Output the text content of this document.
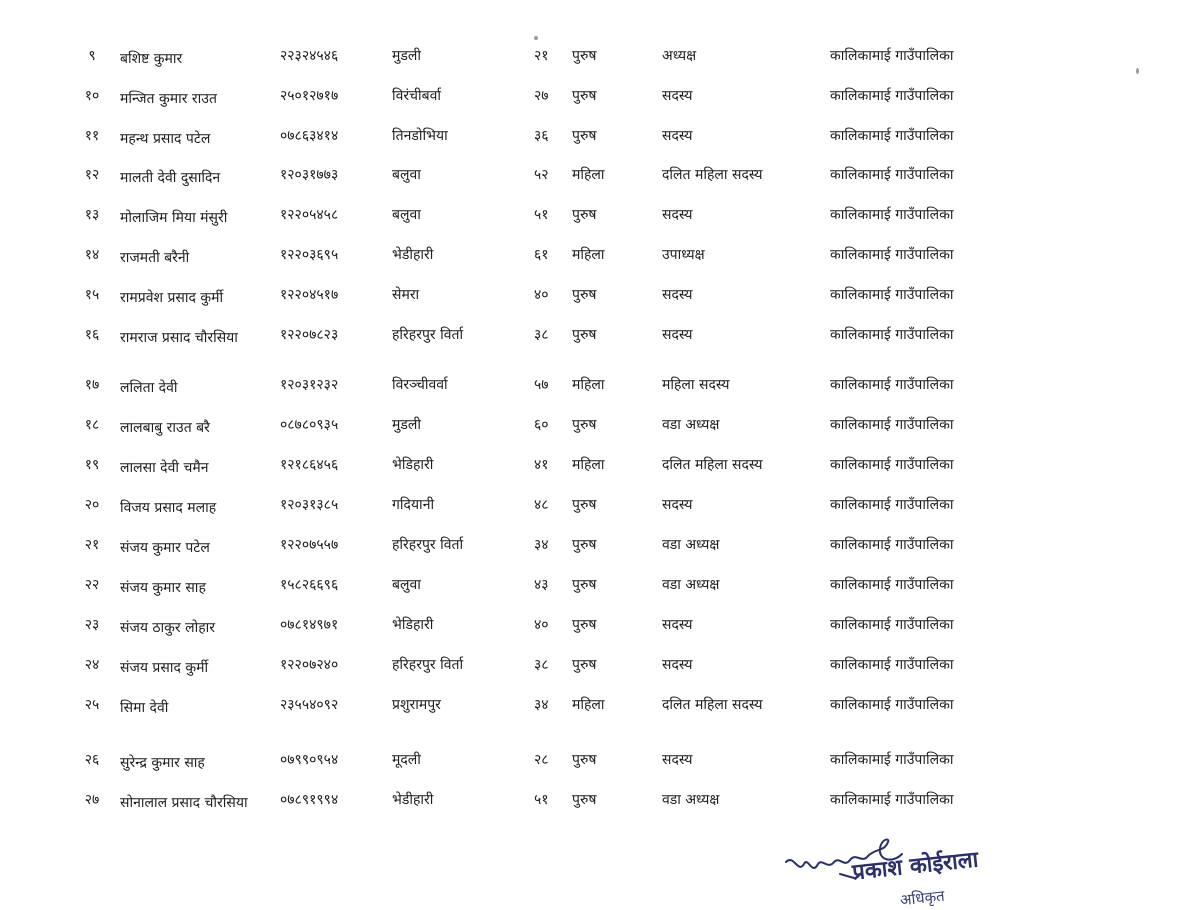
९	बशिष्ट कुमार	२२३२४५४६	मुडली	२१ पुरुष	अध्यक्ष	कालिकामाई गाउँपालिका
१०	मन्जित कुमार राउत	२५०१२७१७	विरंचीबर्वा	२७ पुरुष	सदस्य	कालिकामाई गाउँपालिका
११	महन्थ प्रसाद पटेल	०७८६३४१४	तिनडोभिया	३६ पुरुष	सदस्य	कालिकामाई गाउँपालिका
१२	मालती देवी दुसादिन	१२०३१७७३	बलुवा	५२ महिला	दलित महिला सदस्य	कालिकामाई गाउँपालिका
१३	मोलाजिम मिया मंसुरी	१२२०५४५८	बलुवा	५१ पुरुष	सदस्य	कालिकामाई गाउँपालिका
१४	राजमती बरैनी	१२२०३६९५	भेडीहारी	६१ महिला	उपाध्यक्ष	कालिकामाई गाउँपालिका
१५	रामप्रवेश प्रसाद कुर्मी	१२२०४५१७	सेमरा	४० पुरुष	सदस्य	कालिकामाई गाउँपालिका
१६	रामराज प्रसाद चौरसिया	१२२०७८२३	हरिहरपुर विर्ता	३८ पुरुष	सदस्य	कालिकामाई गाउँपालिका
१७	ललिता देवी	१२०३१२३२	विरञ्चीवर्वा	५७ महिला	महिला सदस्य	कालिकामाई गाउँपालिका
१८	लालबाबु राउत बरै	०८७८०९३५	मुडली	६० पुरुष	वडा अध्यक्ष	कालिकामाई गाउँपालिका
१९	लालसा देवी चमैन	१२१८६४५६	भेडिहारी	४१ महिला	दलित महिला सदस्य	कालिकामाई गाउँपालिका
२०	विजय प्रसाद मलाह	१२०३१३८५	गदियानी	४८ पुरुष	सदस्य	कालिकामाई गाउँपालिका
२१	संजय कुमार पटेल	१२२०७५५७	हरिहरपुर विर्ता	३४ पुरुष	वडा अध्यक्ष	कालिकामाई गाउँपालिका
२२	संजय कुमार साह	१५८२६६९६	बलुवा	४३ पुरुष	वडा अध्यक्ष	कालिकामाई गाउँपालिका
२३	संजय ठाकुर लोहार	०७८१४९७१	भेडिहारी	४० पुरुष	सदस्य	कालिकामाई गाउँपालिका
२४	संजय प्रसाद कुर्मी	१२२०७२४०	हरिहरपुर विर्ता	३८ पुरुष	सदस्य	कालिकामाई गाउँपालिका
२५	सिमा देवी	२३५५४०९२	प्रशुरामपुर	३४ महिला	दलित महिला सदस्य	कालिकामाई गाउँपालिका
२६	सुरेन्द्र कुमार साह	०७९९०९५४	मूदली	२८ पुरुष	सदस्य	कालिकामाई गाउँपालिका
२७	सोनालाल प्रसाद चौरसिया	०७८९१९९४	भेडीहारी	५१ पुरुष	वडा अध्यक्ष	कालिकामाई गाउँपालिका
प्रकाश कोईराला
अधिकृत
